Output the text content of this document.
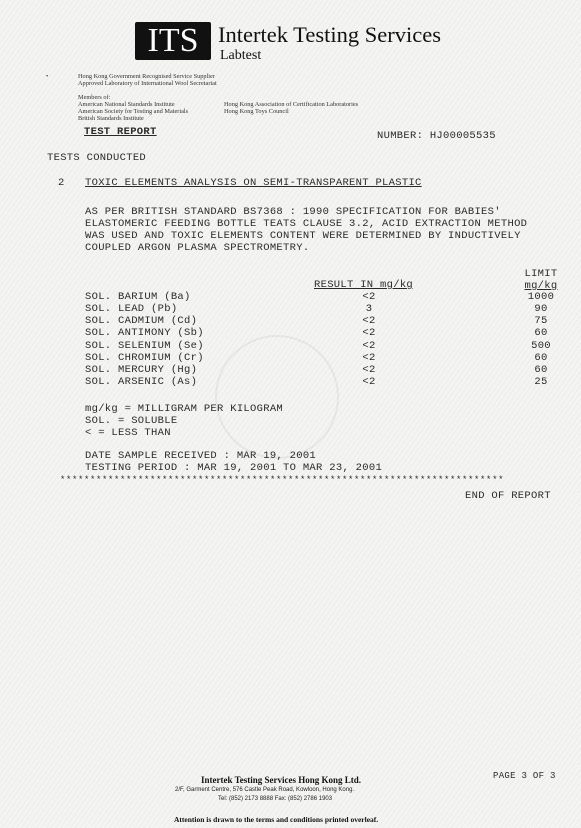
ITS Intertek Testing Services
Labtest
•	Hong Kong Government Recognised Service Supplier
Approved Laboratory of International Wool Secretariat
Members of:
American National Standards Institute
American Society for Testing and Materials
British Standards Institute
Hong Kong Association of Certification Laboratories
Hong Kong Toys Council
TEST REPORT	NUMBER: HJ00005535
TESTS CONDUCTED
2 TOXIC ELEMENTS ANALYSIS ON SEMI-TRANSPARENT PLASTIC
AS PER BRITISH STANDARD BS7368 : 1990 SPECIFICATION FOR BABIES'
ELASTOMERIC FEEDING BOTTLE TEATS CLAUSE 3.2, ACID EXTRACTION METHOD
WAS USED AND TOXIC ELEMENTS CONTENT WERE DETERMINED BY INDUCTIVELY
COUPLED ARGON PLASMA SPECTROMETRY.
LIMIT
RESULT IN mg/kg	mg/kg
SOL. BARIUM (Ba)	<2	1000
SOL. LEAD (Pb)	3	90
SOL. CADMIUM (Cd)	<2	75
SOL. ANTIMONY (Sb)	<2	60
SOL. SELENIUM (Se)	<2	500
SOL. CHROMIUM (Cr)	<2	60
SOL. MERCURY (Hg)	<2	60
SOL. ARSENIC (As)	<2	25
mg/kg = MILLIGRAM PER KILOGRAM
SOL. = SOLUBLE
< = LESS THAN
DATE SAMPLE RECEIVED : MAR 19, 2001
TESTING PERIOD : MAR 19, 2001 TO MAR 23, 2001
**************************************************************************
END OF REPORT
Intertek Testing Services Hong Kong Ltd.
2/F, Garment Centre, 576 Castle Peak Road, Kowloon, Hong Kong.
Tel: (852) 2173 8888 Fax: (852) 2786 1903
PAGE 3 OF 3
Attention is drawn to the terms and conditions printed overleaf.
